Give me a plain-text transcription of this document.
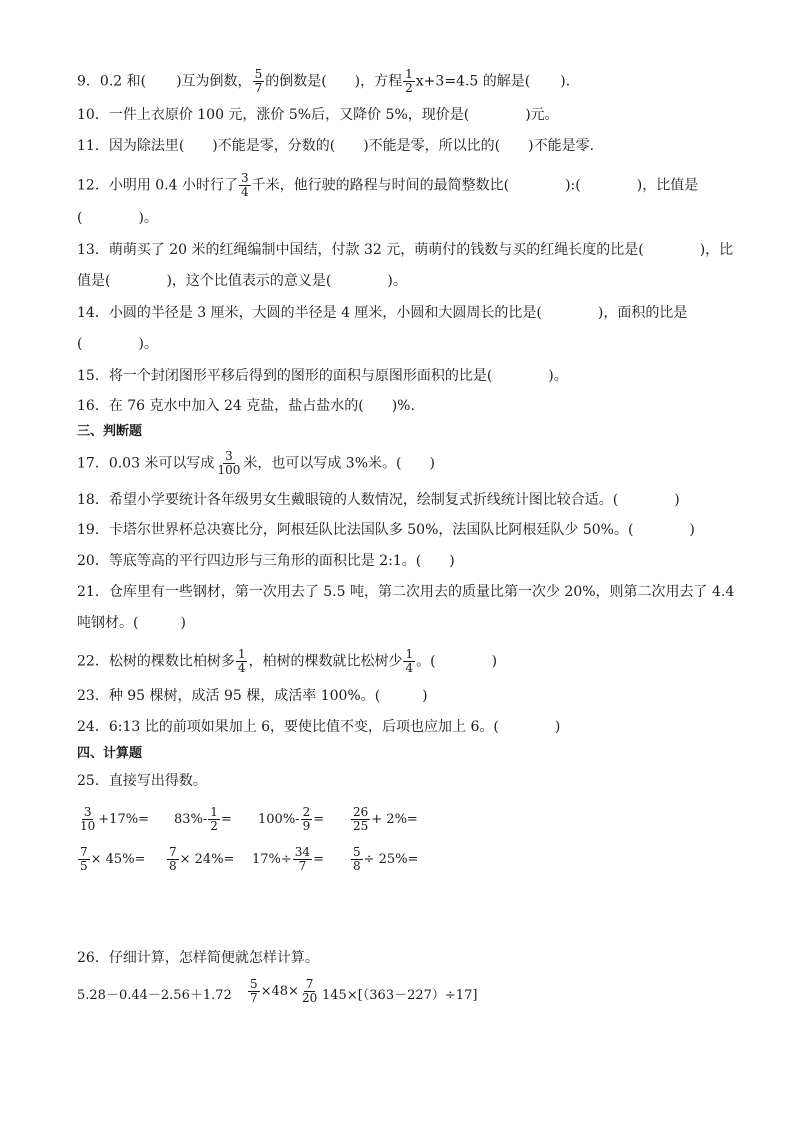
9．0.2 和( )互为倒数， $\frac{5}{7}$ 的倒数是( )，方程 $\frac{1}{2} x+3=4.5$ 的解是( )．
10．一件上衣原价 100 元，涨价 5%后，又降价 5%，现价是(　　　　)元。
11．因为除法里(　　)不能是零，分数的(　　)不能是零，所以比的(　　)不能是零．
12．小明用 0.4 小时行了 $\frac{3}{4}$ 千米，他行驶的路程与时间的最简整数比(　　　　):(　　　　)，比值是
(　　　　)。
13．萌萌买了 20 米的红绳编制中国结，付款 32 元，萌萌付的钱数与买的红绳长度的比是(　　　　)，比
值是(　　　　)，这个比值表示的意义是(　　　　)。
14．小圆的半径是 3 厘米，大圆的半径是 4 厘米，小圆和大圆周长的比是(　　　　)，面积的比是
(　　　　)。
15．将一个封闭图形平移后得到的图形的面积与原图形面积的比是(　　　　)。
16．在 76 克水中加入 24 克盐，盐占盐水的(　　)%．
三、判断题
17．0.03 米可以写成 $\frac{3}{100}$ 米，也可以写成 3%米。(　　)
18．希望小学要统计各年级男女生戴眼镜的人数情况，绘制复式折线统计图比较合适。(　　　　)
19．卡塔尔世界杯总决赛比分，阿根廷队比法国队多 50%，法国队比阿根廷队少 50%。(　　　　)
20．等底等高的平行四边形与三角形的面积比是 2:1。(　　)
21．仓库里有一些钢材，第一次用去了 5.5 吨，第二次用去的质量比第一次少 20%，则第二次用去了 4.4
吨钢材。(　　　)
22．松树的棵数比柏树多 $\frac{1}{4}$ ，柏树的棵数就比松树少 $\frac{1}{4}$ 。(　　　　)
23．种 95 棵树，成活 95 棵，成活率 100%。(　　　)
24．6:13 比的前项如果加上 6，要使比值不变，后项也应加上 6。(　　　　)
四、计算题
25．直接写出得数。
$\frac{3}{10} +17\%= 83\%- \frac{1}{2} = 100\%- \frac{2}{9} = \frac{26}{25} + 2\%=$
$\frac{7}{5} \times 45\%= \frac{7}{8} \times 24\%= 17\%\div \frac{34}{7} = \frac{5}{8} \div 25\%=$
26．仔细计算，怎样简便就怎样计算。
$5.28-0.44-2.56+1.72 \frac{5}{7} \times 48\times \frac{7}{20} 145\times[(363-227)\div 17]$
